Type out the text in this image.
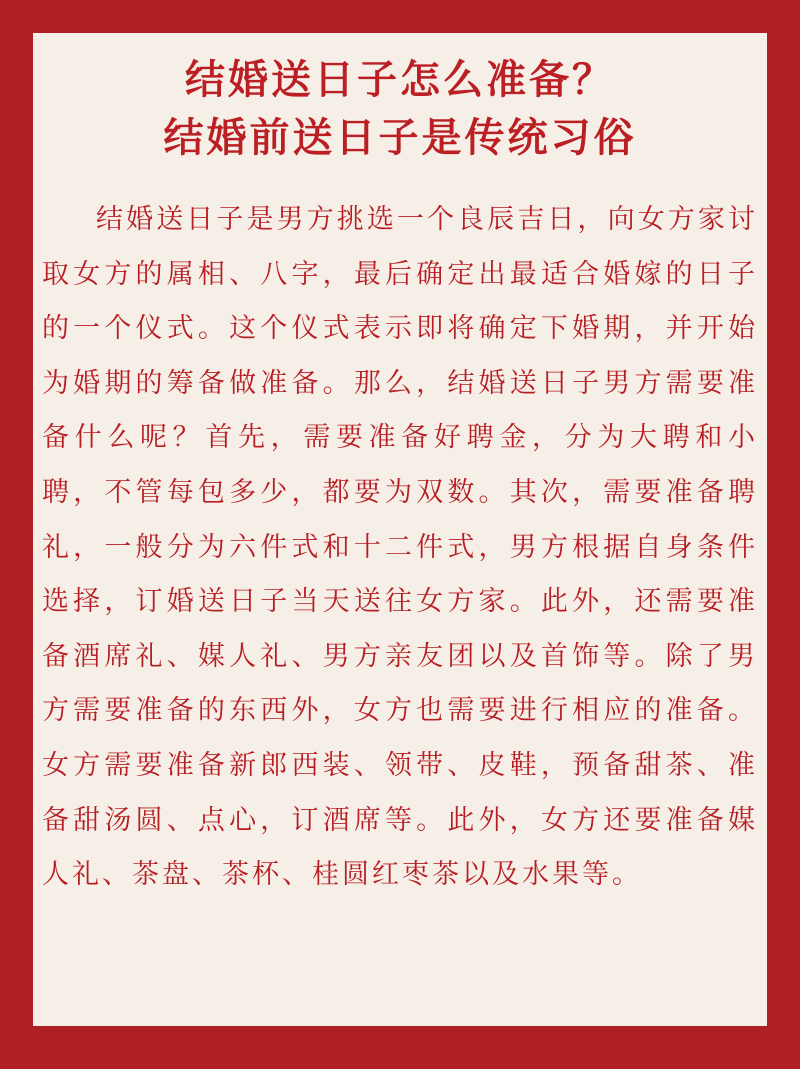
结婚送日子怎么准备？
结婚前送日子是传统习俗

结婚送日子是男方挑选一个良辰吉日，向女方家讨取女方的属相、八字，最后确定出最适合婚嫁的日子的一个仪式。这个仪式表示即将确定下婚期，并开始为婚期的筹备做准备。那么，结婚送日子男方需要准备什么呢？首先，需要准备好聘金，分为大聘和小聘，不管每包多少，都要为双数。其次，需要准备聘礼，一般分为六件式和十二件式，男方根据自身条件选择，订婚送日子当天送往女方家。此外，还需要准备酒席礼、媒人礼、男方亲友团以及首饰等。除了男方需要准备的东西外，女方也需要进行相应的准备。女方需要准备新郎西装、领带、皮鞋，预备甜茶、准备甜汤圆、点心，订酒席等。此外，女方还要准备媒人礼、茶盘、茶杯、桂圆红枣茶以及水果等。
